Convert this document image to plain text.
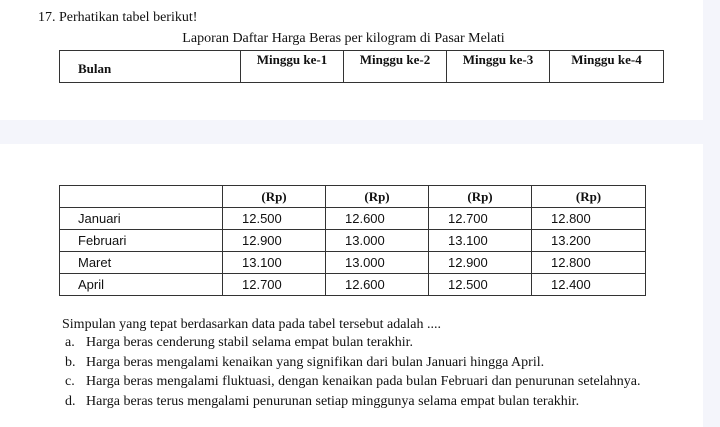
17. Perhatikan tabel berikut!
Laporan Daftar Harga Beras per kilogram di Pasar Melati
Bulan	Minggu ke-1	Minggu ke-2	Minggu ke-3	Minggu ke-4
	(Rp)	(Rp)	(Rp)	(Rp)
Januari	12.500	12.600	12.700	12.800
Februari	12.900	13.000	13.100	13.200
Maret	13.100	13.000	12.900	12.800
April	12.700	12.600	12.500	12.400
Simpulan yang tepat berdasarkan data pada tabel tersebut adalah ....
a. Harga beras cenderung stabil selama empat bulan terakhir.
b. Harga beras mengalami kenaikan yang signifikan dari bulan Januari hingga April.
c. Harga beras mengalami fluktuasi, dengan kenaikan pada bulan Februari dan penurunan setelahnya.
d. Harga beras terus mengalami penurunan setiap minggunya selama empat bulan terakhir.
